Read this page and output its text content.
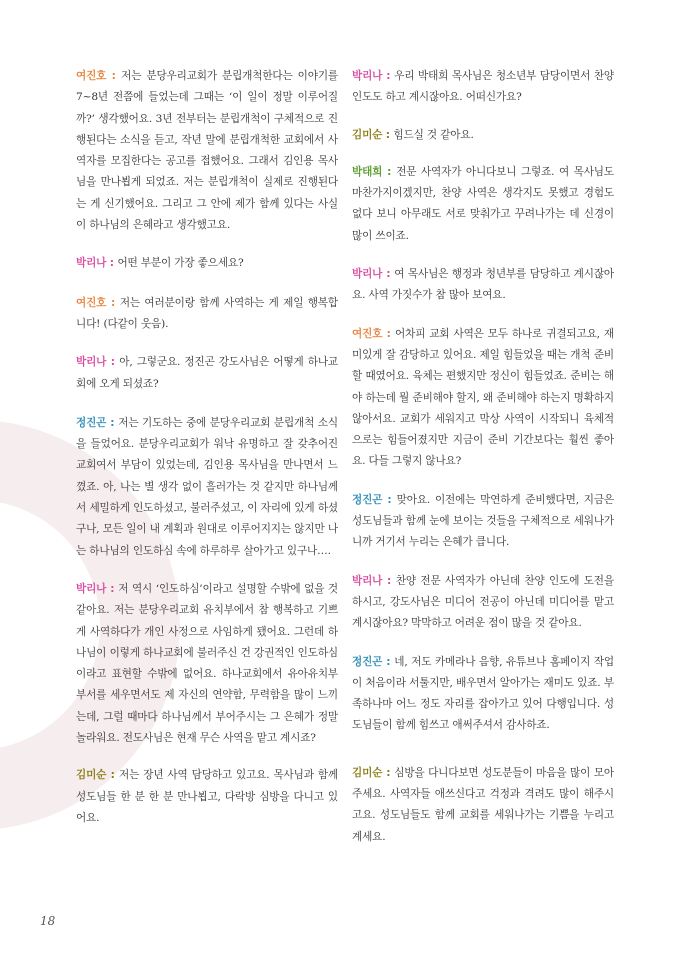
여진호 : 저는 분당우리교회가 분립개척한다는 이야기를 7~8년 전쯤에 들었는데 그때는 ‘이 일이 정말 이루어질까?’ 생각했어요. 3년 전부터는 분립개척이 구체적으로 진행된다는 소식을 듣고, 작년 말에 분립개척한 교회에서 사역자를 모집한다는 공고를 접했어요. 그래서 김인용 목사님을 만나뵙게 되었죠. 저는 분립개척이 실제로 진행된다는 게 신기했어요. 그리고 그 안에 제가 함께 있다는 사실이 하나님의 은혜라고 생각했고요.

박리나 : 어떤 부분이 가장 좋으세요?

여진호 : 저는 여러분이랑 함께 사역하는 게 제일 행복합니다! (다같이 웃음).

박리나 : 아, 그렇군요. 정진곤 강도사님은 어떻게 하나교회에 오게 되셨죠?

정진곤 : 저는 기도하는 중에 분당우리교회 분립개척 소식을 들었어요. 분당우리교회가 워낙 유명하고 잘 갖추어진 교회여서 부담이 있었는데, 김인용 목사님을 만나면서 느꼈죠. 아, 나는 별 생각 없이 흘러가는 것 같지만 하나님께서 세밀하게 인도하셨고, 불러주셨고, 이 자리에 있게 하셨구나, 모든 일이 내 계획과 원대로 이루어지지는 않지만 나는 하나님의 인도하심 속에 하루하루 살아가고 있구나….

박리나 : 저 역시 ‘인도하심’이라고 설명할 수밖에 없을 것 같아요. 저는 분당우리교회 유치부에서 참 행복하고 기쁘게 사역하다가 개인 사정으로 사임하게 됐어요. 그런데 하나님이 이렇게 하나교회에 불러주신 건 강권적인 인도하심이라고 표현할 수밖에 없어요. 하나교회에서 유아유치부 부서를 세우면서도 제 자신의 연약함, 무력함을 많이 느끼는데, 그럴 때마다 하나님께서 부어주시는 그 은혜가 정말 놀라워요. 전도사님은 현재 무슨 사역을 맡고 계시죠?

김미순 : 저는 장년 사역 담당하고 있고요. 목사님과 함께 성도님들 한 분 한 분 만나뵙고, 다락방 심방을 다니고 있어요.

박리나 : 우리 박태희 목사님은 청소년부 담당이면서 찬양 인도도 하고 계시잖아요. 어떠신가요?

김미순 : 힘드실 것 같아요.

박태희 : 전문 사역자가 아니다보니 그렇죠. 여 목사님도 마찬가지이겠지만, 찬양 사역은 생각지도 못했고 경험도 없다 보니 아무래도 서로 맞춰가고 꾸려나가는 데 신경이 많이 쓰이죠.

박리나 : 여 목사님은 행정과 청년부를 담당하고 계시잖아요. 사역 가짓수가 참 많아 보여요.

여진호 : 어차피 교회 사역은 모두 하나로 귀결되고요, 재미있게 잘 감당하고 있어요. 제일 힘들었을 때는 개척 준비할 때였어요. 육체는 편했지만 정신이 힘들었죠. 준비는 해야 하는데 뭘 준비해야 할지, 왜 준비해야 하는지 명확하지 않아서요. 교회가 세워지고 막상 사역이 시작되니 육체적으로는 힘들어졌지만 지금이 준비 기간보다는 훨씬 좋아요. 다들 그렇지 않나요?

정진곤 : 맞아요. 이전에는 막연하게 준비했다면, 지금은 성도님들과 함께 눈에 보이는 것들을 구체적으로 세워나가니까 거기서 누리는 은혜가 큽니다.

박리나 : 찬양 전문 사역자가 아닌데 찬양 인도에 도전을 하시고, 강도사님은 미디어 전공이 아닌데 미디어를 맡고 계시잖아요? 막막하고 어려운 점이 많을 것 같아요.

정진곤 : 네, 저도 카메라나 음향, 유튜브나 홈페이지 작업이 처음이라 서툴지만, 배우면서 알아가는 재미도 있죠. 부족하나마 어느 정도 자리를 잡아가고 있어 다행입니다. 성도님들이 함께 힘쓰고 애써주셔서 감사하죠.

김미순 : 심방을 다니다보면 성도분들이 마음을 많이 모아주세요. 사역자들 애쓰신다고 걱정과 격려도 많이 해주시고요. 성도님들도 함께 교회를 세워나가는 기쁨을 누리고 계세요.

18
